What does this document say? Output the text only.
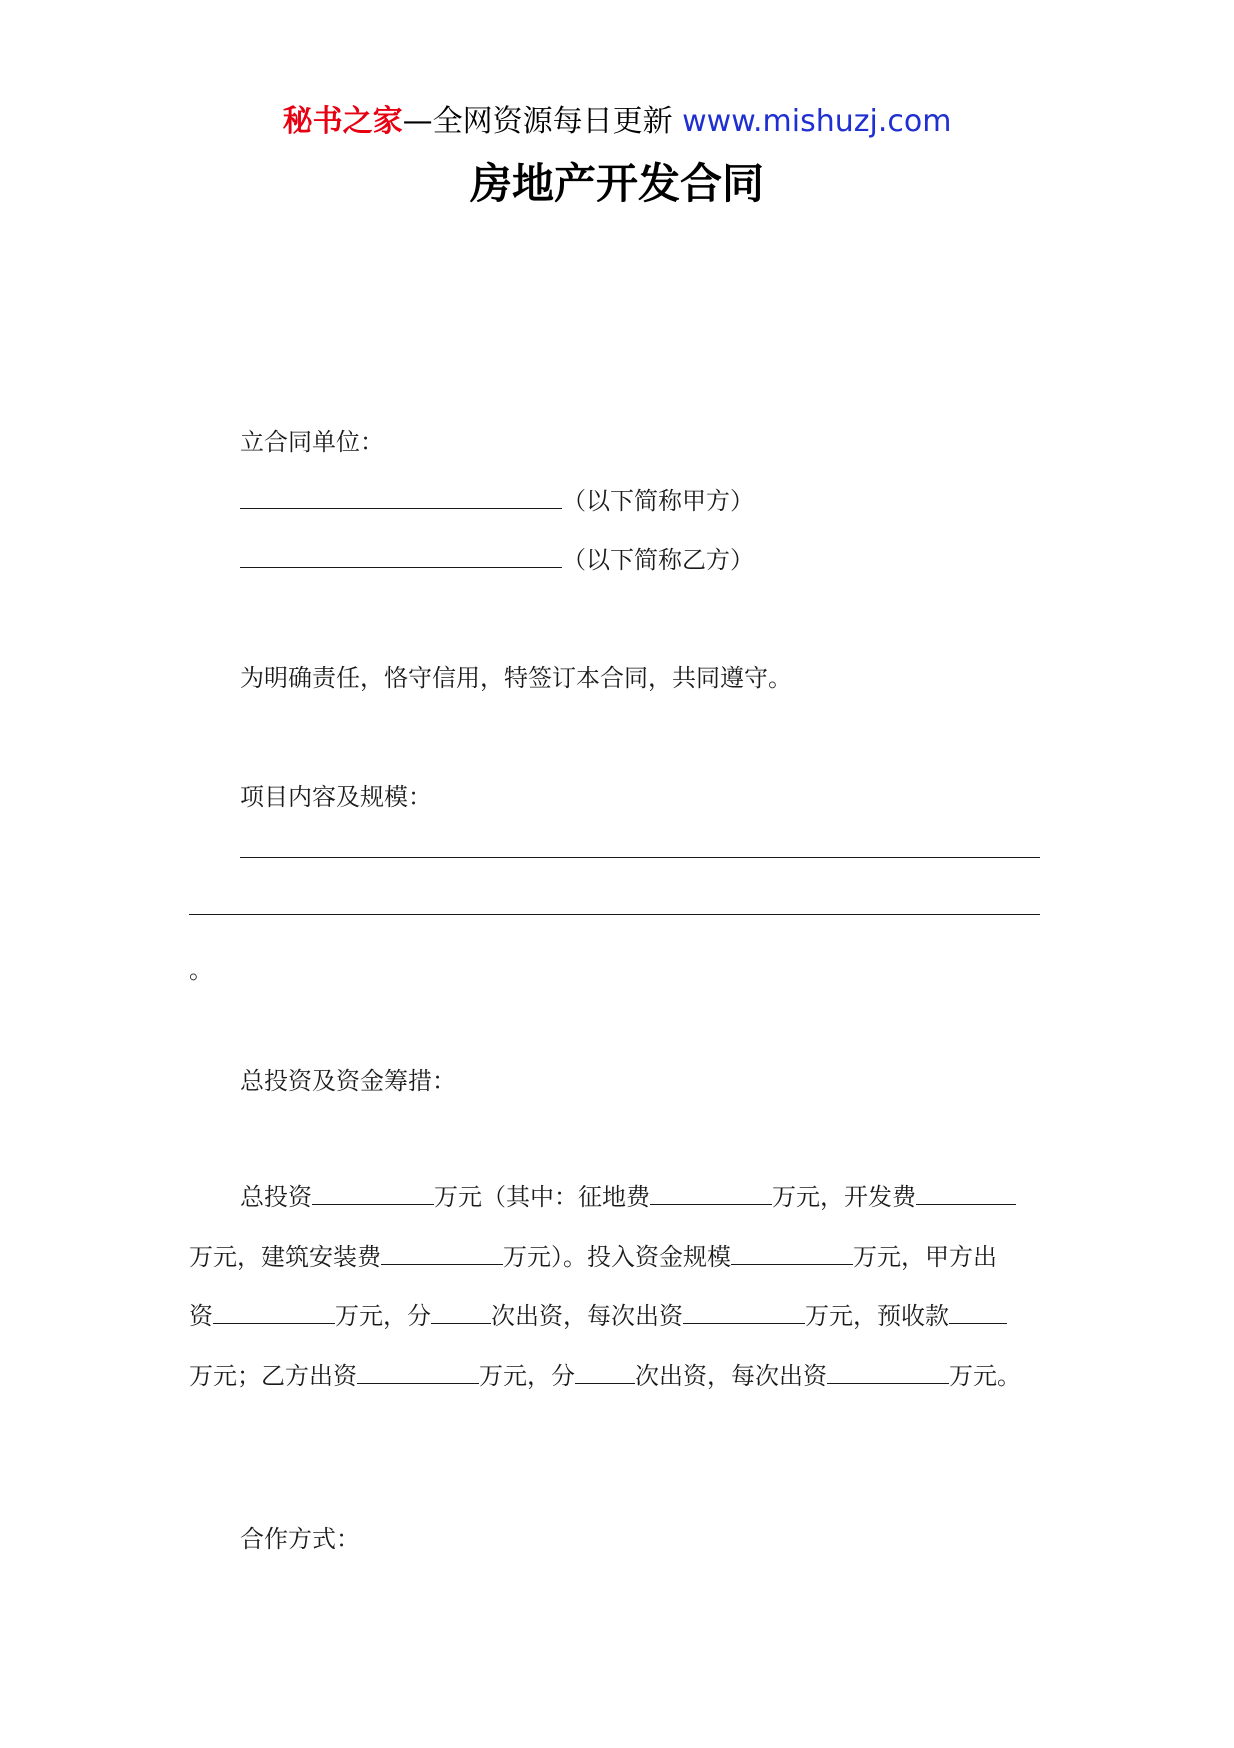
秘书之家—全网资源每日更新 www.mishuzj.com
房地产开发合同
立合同单位：
（以下简称甲方）
（以下简称乙方）
为明确责任，恪守信用，特签订本合同，共同遵守。
项目内容及规模：
。
总投资及资金筹措：
总投资	万元（其中：征地费	万元，开发费
万元，建筑安装费	万元）。投入资金规模	万元，甲方出
资	万元，分	次出资，每次出资	万元，预收款
万元；乙方出资	万元，分	次出资，每次出资	万元。
合作方式：
